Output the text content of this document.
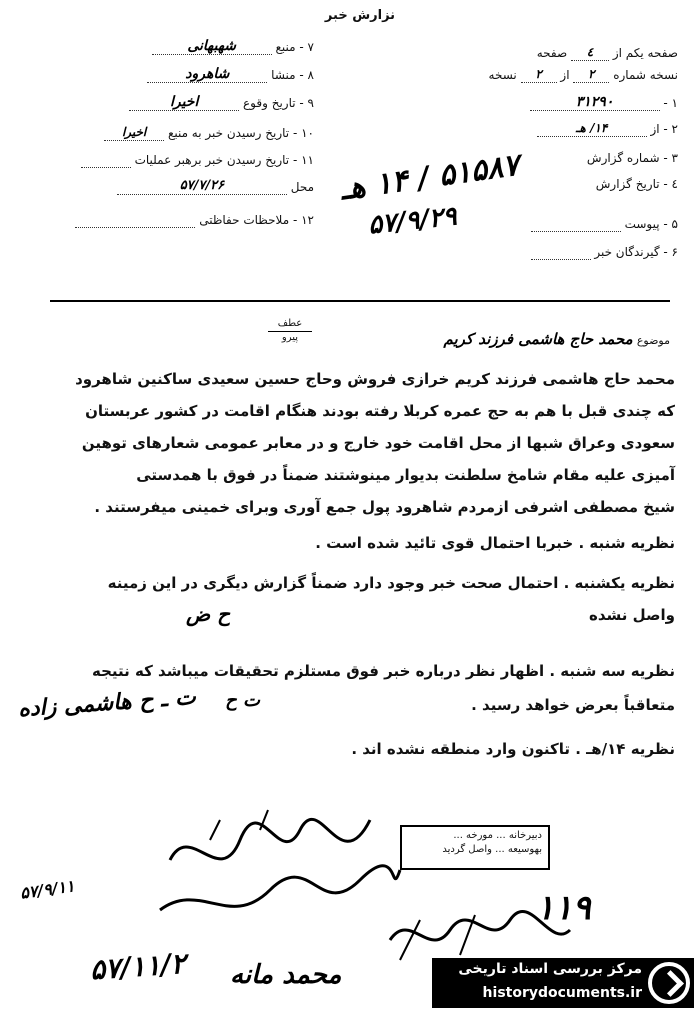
نزارش خبر
صفحه یکم از ٤ صفحه
نسخه شماره ۲ از ۲ نسخه
۱ - ۳۱۲۹۰
۲ - از ۱۴/ هـ
۳ - شماره گزارش
٤ - تاریخ گزارش
۵ - پیوست
۶ - گیرندگان خبر
۵۱۵۸۷ / ۱۴ هـ
۵۷/۹/۲۹
۷ - منبع شهبهانی
۸ - منشا شاهرود
۹ - تاریخ وقوع اخیرا
۱۰ - تاریخ رسیدن خبر به منبع اخیرا
۱۱ - تاریخ رسیدن خبر برهبر عملیات
محل ۵۷/۷/۲۶
۱۲ - ملاحظات حفاظتی
موضوع محمد حاج هاشمی فرزند کریم
عطف
پیرو
محمد حاج هاشمی فرزند کریم خرازی فروش وحاج حسین سعیدی ساکنین شاهرود
که چندی قبل با هم به حج عمره کربلا رفته بودند هنگام اقامت در کشور عربستان
سعودی وعراق شبها از محل اقامت خود خارج و در معابر عمومی شعارهای توهین
آمیزی علیه مقام شامخ سلطنت بدیوار مینوشتند ضمناً در فوق با همدستی
شیخ مصطفی اشرفی ازمردم شاهرود پول جمع آوری وبرای خمینی میفرستند .
نظریه شنبه . خبربا احتمال قوی تائید شده است .
نظریه یکشنبه . احتمال صحت خبر وجود دارد ضمناً گزارش دیگری در این زمینه
واصل نشده
نظریه سه شنبه . اظهار نظر درباره خبر فوق مستلزم تحقیقات میباشد که نتیجه
متعاقباً بعرض خواهد رسید .
نظریه ۱۴/هـ . تاکنون وارد منطقه نشده اند .
ح ض
ت ح
ت ـ ح هاشمی زاده
۵۷/۹/۱۱
۵۷/۱۱/۲
۱۱۹
محمد مانه
دبیرخانه ... مورخه ...
بهوسیعه ... واصل گردید
مرکز بررسی اسناد تاریخی
historydocuments.ir
